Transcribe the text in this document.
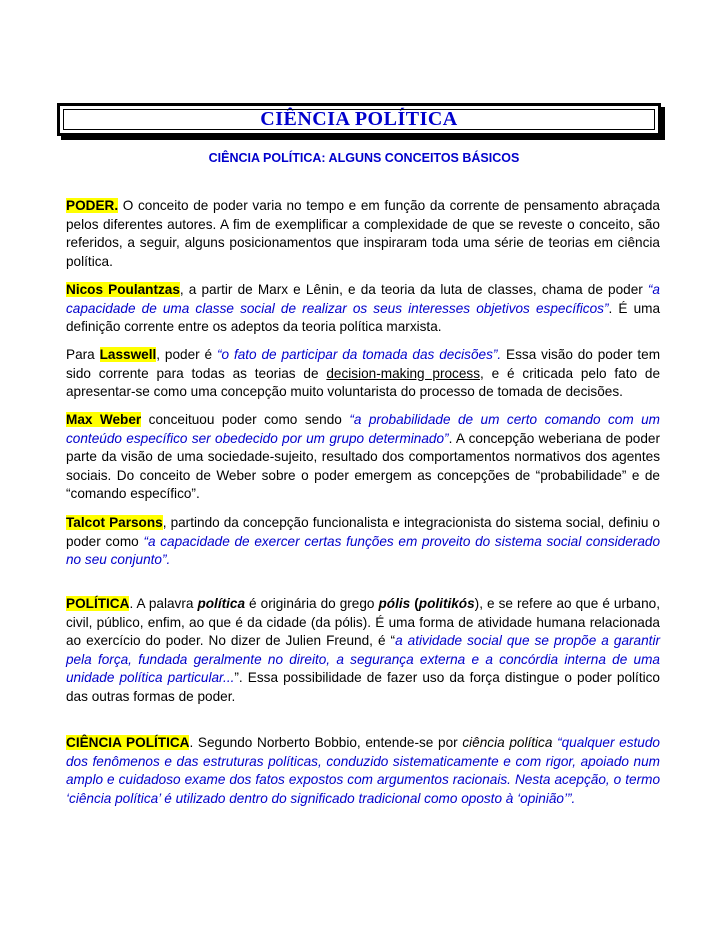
CIÊNCIA POLÍTICA
CIÊNCIA POLÍTICA: ALGUNS CONCEITOS BÁSICOS

PODER. O conceito de poder varia no tempo e em função da corrente de pensamento abraçada pelos diferentes autores. A fim de exemplificar a complexidade de que se reveste o conceito, são referidos, a seguir, alguns posicionamentos que inspiraram toda uma série de teorias em ciência política.

Nicos Poulantzas, a partir de Marx e Lênin, e da teoria da luta de classes, chama de poder “a capacidade de uma classe social de realizar os seus interesses objetivos específicos”. É uma definição corrente entre os adeptos da teoria política marxista.

Para Lasswell, poder é “o fato de participar da tomada das decisões”. Essa visão do poder tem sido corrente para todas as teorias de decision-making process, e é criticada pelo fato de apresentar-se como uma concepção muito voluntarista do processo de tomada de decisões.

Max Weber conceituou poder como sendo “a probabilidade de um certo comando com um conteúdo específico ser obedecido por um grupo determinado”. A concepção weberiana de poder parte da visão de uma sociedade-sujeito, resultado dos comportamentos normativos dos agentes sociais. Do conceito de Weber sobre o poder emergem as concepções de “probabilidade” e de “comando específico”.

Talcot Parsons, partindo da concepção funcionalista e integracionista do sistema social, definiu o poder como “a capacidade de exercer certas funções em proveito do sistema social considerado no seu conjunto”.

POLÍTICA. A palavra política é originária do grego pólis (politikós), e se refere ao que é urbano, civil, público, enfim, ao que é da cidade (da pólis). É uma forma de atividade humana relacionada ao exercício do poder. No dizer de Julien Freund, é “a atividade social que se propõe a garantir pela força, fundada geralmente no direito, a segurança externa e a concórdia interna de uma unidade política particular...”. Essa possibilidade de fazer uso da força distingue o poder político das outras formas de poder.

CIÊNCIA POLÍTICA. Segundo Norberto Bobbio, entende-se por ciência política “qualquer estudo dos fenômenos e das estruturas políticas, conduzido sistematicamente e com rigor, apoiado num amplo e cuidadoso exame dos fatos expostos com argumentos racionais. Nesta acepção, o termo ‘ciência política’ é utilizado dentro do significado tradicional como oposto à ‘opinião’”.
